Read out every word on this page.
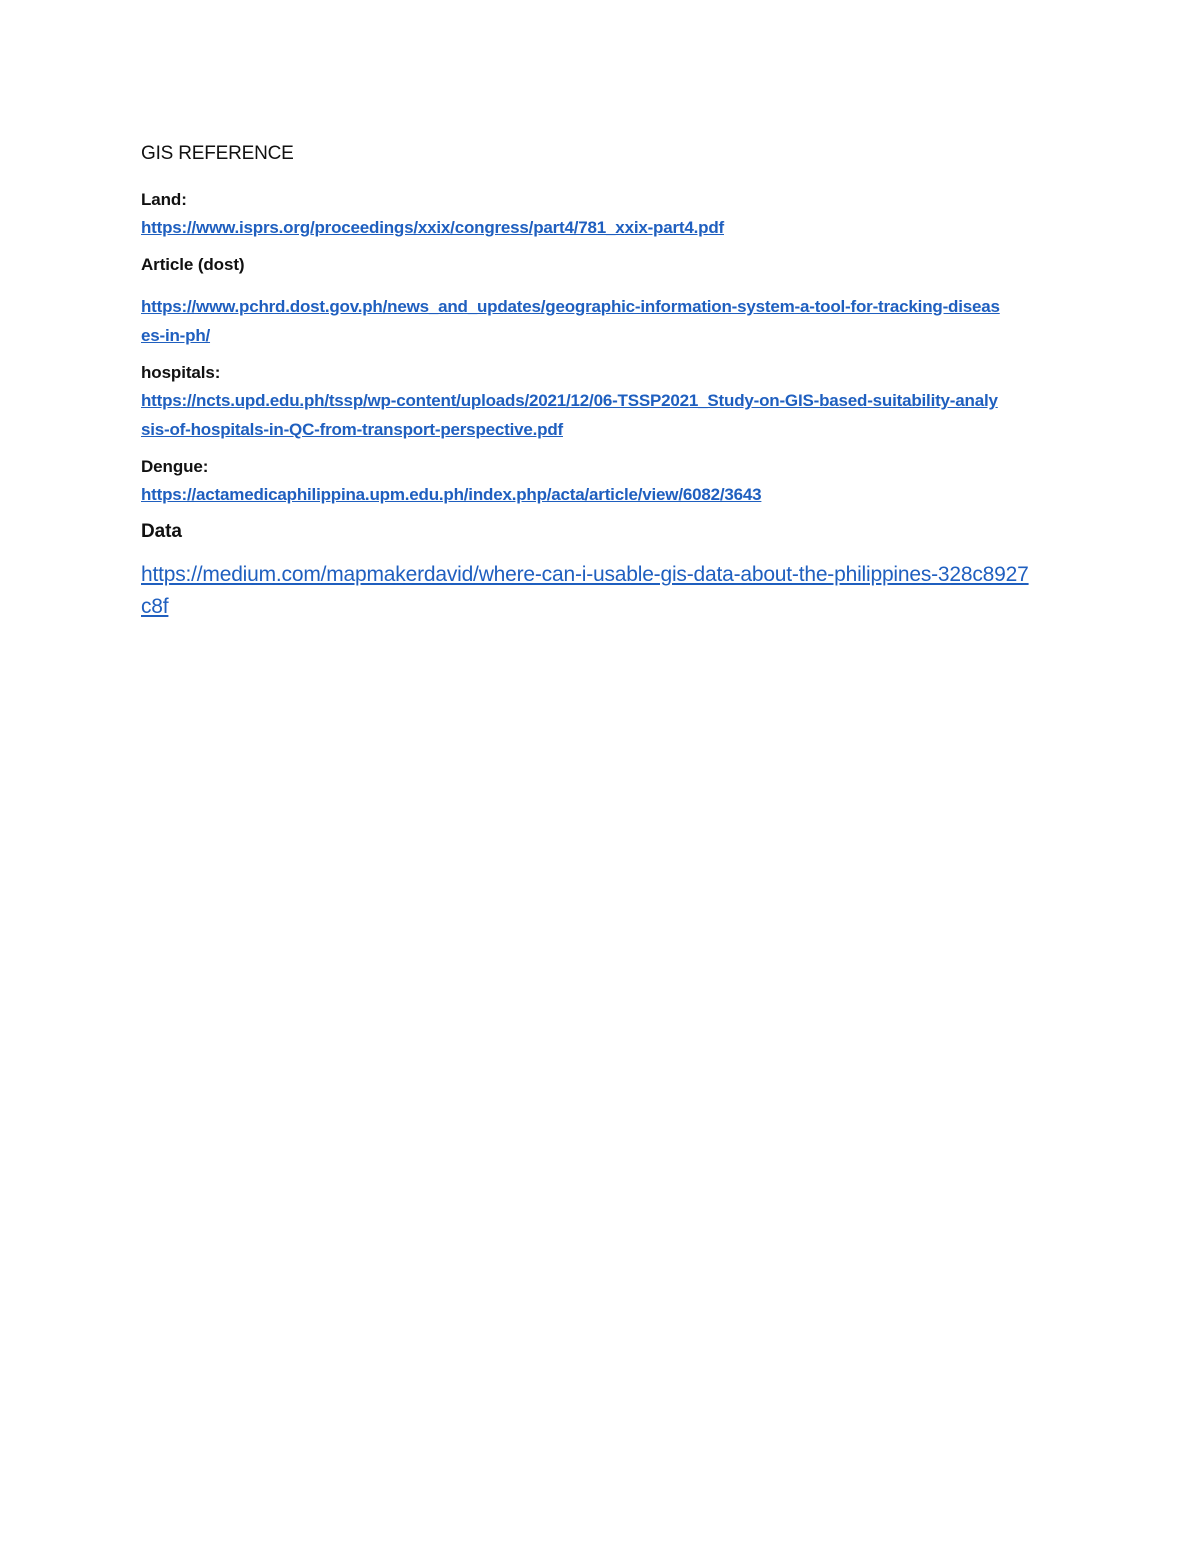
GIS REFERENCE
Land:
https://www.isprs.org/proceedings/xxix/congress/part4/781_xxix-part4.pdf
Article (dost)
https://www.pchrd.dost.gov.ph/news_and_updates/geographic-information-system-a-tool-for-tracking-diseases-in-ph/
hospitals:
https://ncts.upd.edu.ph/tssp/wp-content/uploads/2021/12/06-TSSP2021_Study-on-GIS-based-suitability-analysis-of-hospitals-in-QC-from-transport-perspective.pdf
Dengue:
https://actamedicaphilippina.upm.edu.ph/index.php/acta/article/view/6082/3643
Data
https://medium.com/mapmakerdavid/where-can-i-usable-gis-data-about-the-philippines-328c8927c8f
